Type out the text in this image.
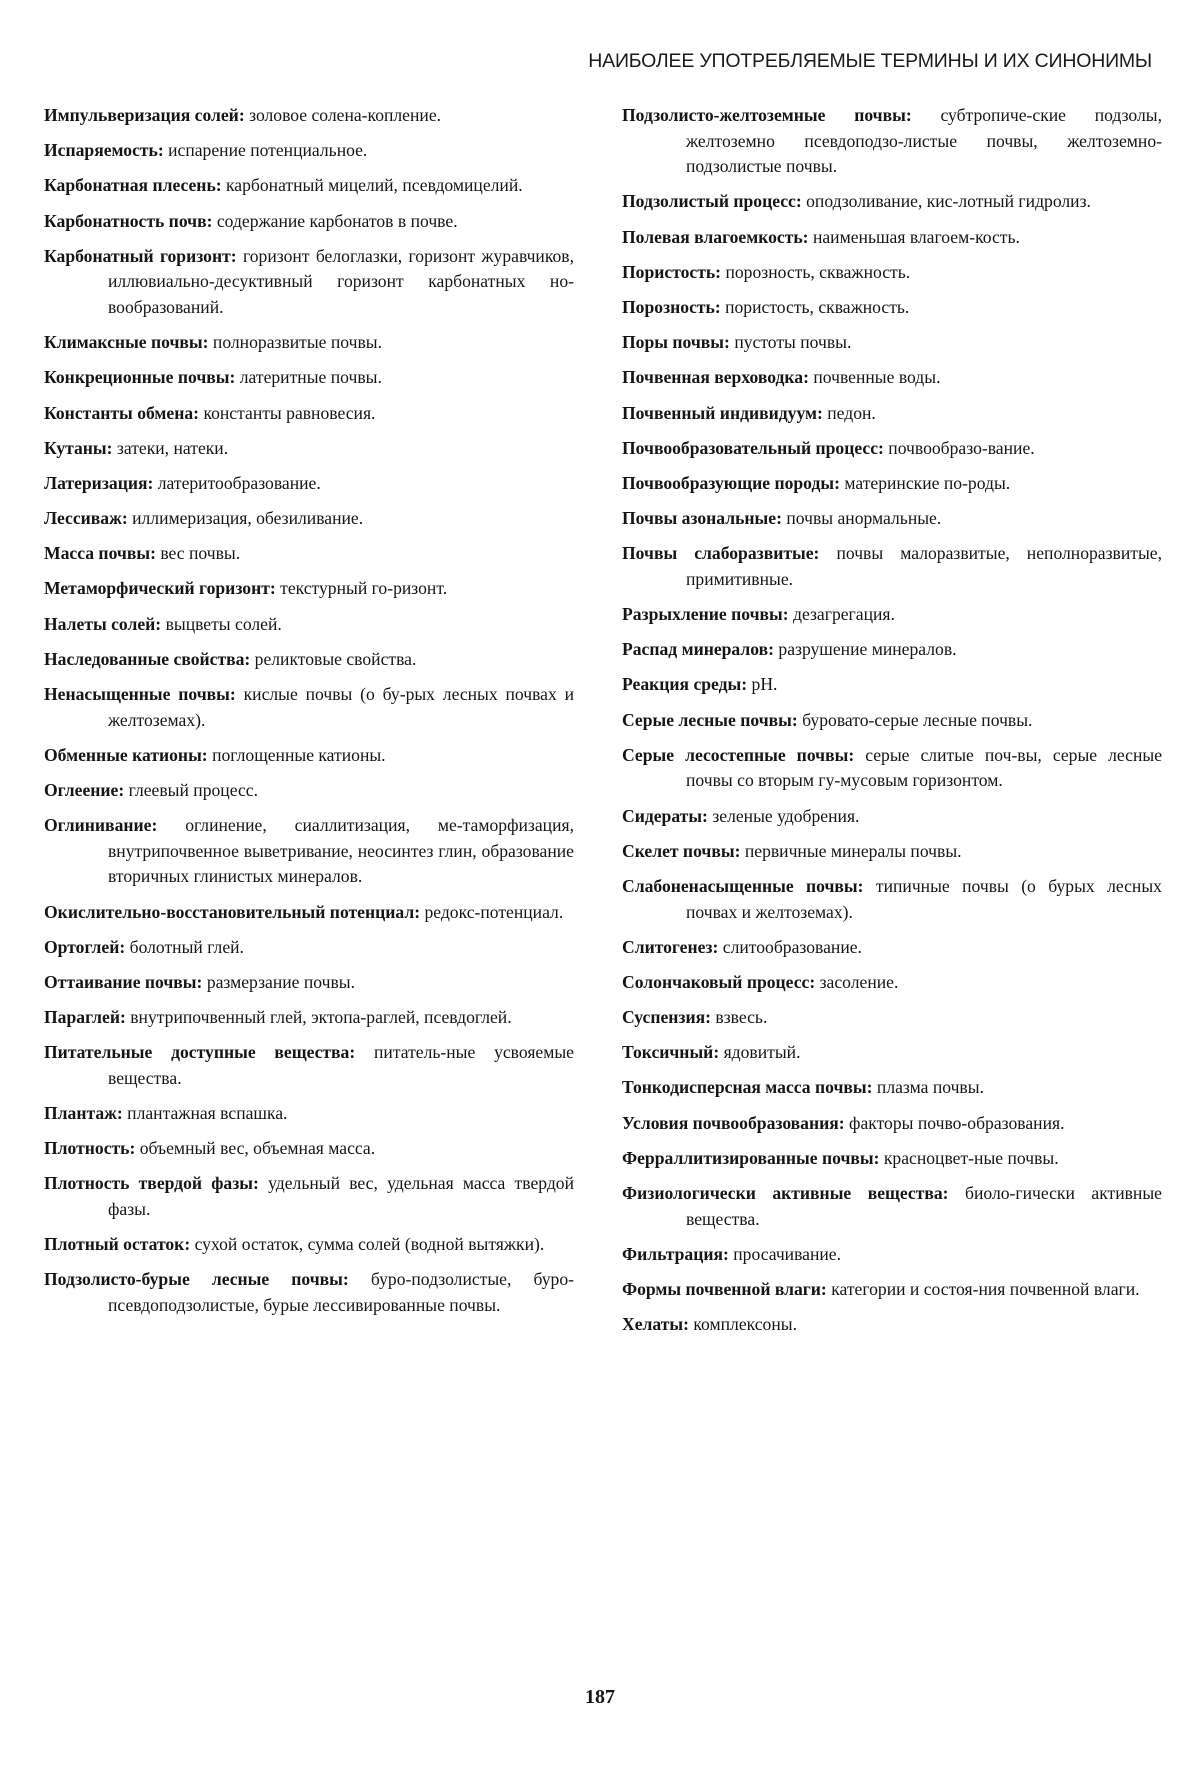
НАИБОЛЕЕ УПОТРЕБЛЯЕМЫЕ ТЕРМИНЫ И ИХ СИНОНИМЫ

Импульверизация солей: золовое солена-копление.

Испаряемость: испарение потенциальное.

Карбонатная плесень: карбонатный мицелий, псевдомицелий.

Карбонатность почв: содержание карбонатов в почве.

Карбонатный горизонт: горизонт белоглазки, горизонт журавчиков, иллювиально-десуктивный горизонт карбонатных но-вообразований.

Климаксные почвы: полноразвитые почвы.

Конкреционные почвы: латеритные почвы.

Константы обмена: константы равновесия.

Кутаны: затеки, натеки.

Латеризация: латеритообразование.

Лессиваж: иллимеризация, обезиливание.

Масса почвы: вес почвы.

Метаморфический горизонт: текстурный го-ризонт.

Налеты солей: выцветы солей.

Наследованные свойства: реликтовые свойства.

Ненасыщенные почвы: кислые почвы (о бу-рых лесных почвах и желтоземах).

Обменные катионы: поглощенные катионы.

Оглеение: глеевый процесс.

Оглинивание: оглинение, сиаллитизация, ме-таморфизация, внутрипочвенное выветривание, неосинтез глин, образование вторичных глинистых минералов.

Окислительно-восстановительный потенциал: редокс-потенциал.

Ортоглей: болотный глей.

Оттаивание почвы: размерзание почвы.

Параглей: внутрипочвенный глей, эктопа-раглей, псевдоглей.

Питательные доступные вещества: питатель-ные усвояемые вещества.

Плантаж: плантажная вспашка.

Плотность: объемный вес, объемная масса.

Плотность твердой фазы: удельный вес, удельная масса твердой фазы.

Плотный остаток: сухой остаток, сумма солей (водной вытяжки).

Подзолисто-бурые лесные почвы: буро-подзолистые, буро-псевдоподзолистые, бурые лессивированные почвы.

Подзолисто-желтоземные почвы: субтропиче-ские подзолы, желтоземно псевдоподзо-листые почвы, желтоземно-подзолистые почвы.

Подзолистый процесс: оподзоливание, кис-лотный гидролиз.

Полевая влагоемкость: наименьшая влагоем-кость.

Пористость: порозность, скважность.

Порозность: пористость, скважность.

Поры почвы: пустоты почвы.

Почвенная верховодка: почвенные воды.

Почвенный индивидуум: педон.

Почвообразовательный процесс: почвообразо-вание.

Почвообразующие породы: материнские по-роды.

Почвы азональные: почвы анормальные.

Почвы слаборазвитые: почвы малоразвитые, неполноразвитые, примитивные.

Разрыхление почвы: дезагрегация.

Распад минералов: разрушение минералов.

Реакция среды: pH.

Серые лесные почвы: буровато-серые лесные почвы.

Серые лесостепные почвы: серые слитые поч-вы, серые лесные почвы со вторым гу-мусовым горизонтом.

Сидераты: зеленые удобрения.

Скелет почвы: первичные минералы почвы.

Слабоненасыщенные почвы: типичные почвы (о бурых лесных почвах и желтоземах).

Слитогенез: слитообразование.

Солончаковый процесс: засоление.

Суспензия: взвесь.

Токсичный: ядовитый.

Тонкодисперсная масса почвы: плазма почвы.

Условия почвообразования: факторы почво-образования.

Ферраллитизированные почвы: красноцвет-ные почвы.

Физиологически активные вещества: биоло-гически активные вещества.

Фильтрация: просачивание.

Формы почвенной влаги: категории и состоя-ния почвенной влаги.

Хелаты: комплексоны.

187
